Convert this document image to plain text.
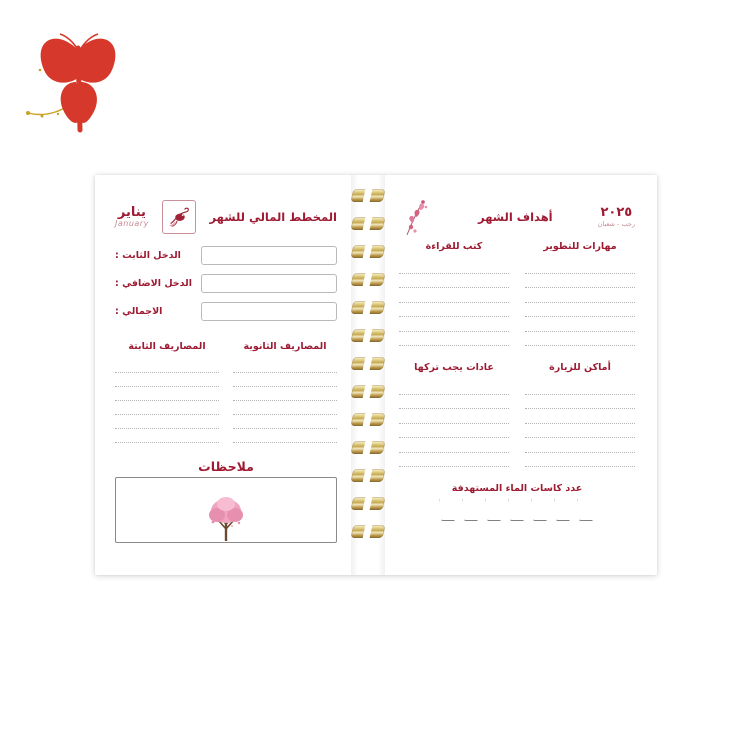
٢٠٢٥
رجب - شعبان
أهداف الشهر
مهارات للتطوير
كتب للقراءة
أماكن للزيارة
عادات يجب تركها
عدد كاسات الماء المستهدفة
المخطط المالي للشهر
يناير
January
الدخل الثابت :
الدخل الاضافي :
الاجمالي :
المصاريف الثانوية
المصاريف الثابتة
ملاحظات
